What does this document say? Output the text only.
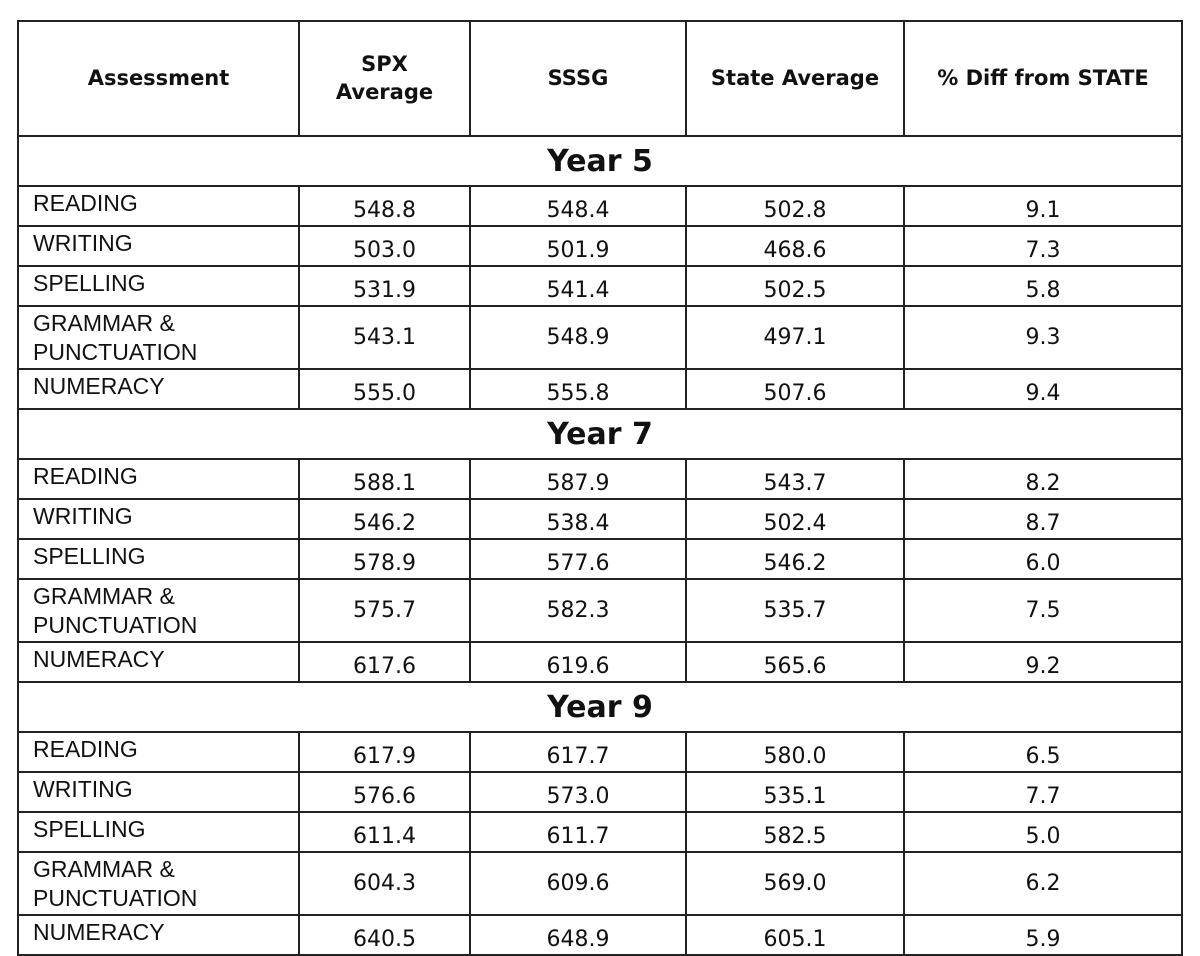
Assessment	SPX Average	SSSG	State Average	% Diff from STATE
Year 5				
READING	548.8	548.4	502.8	9.1
WRITING	503.0	501.9	468.6	7.3
SPELLING	531.9	541.4	502.5	5.8
GRAMMAR & PUNCTUATION	543.1	548.9	497.1	9.3
NUMERACY	555.0	555.8	507.6	9.4
Year 7				
READING	588.1	587.9	543.7	8.2
WRITING	546.2	538.4	502.4	8.7
SPELLING	578.9	577.6	546.2	6.0
GRAMMAR & PUNCTUATION	575.7	582.3	535.7	7.5
NUMERACY	617.6	619.6	565.6	9.2
Year 9				
READING	617.9	617.7	580.0	6.5
WRITING	576.6	573.0	535.1	7.7
SPELLING	611.4	611.7	582.5	5.0
GRAMMAR & PUNCTUATION	604.3	609.6	569.0	6.2
NUMERACY	640.5	648.9	605.1	5.9
